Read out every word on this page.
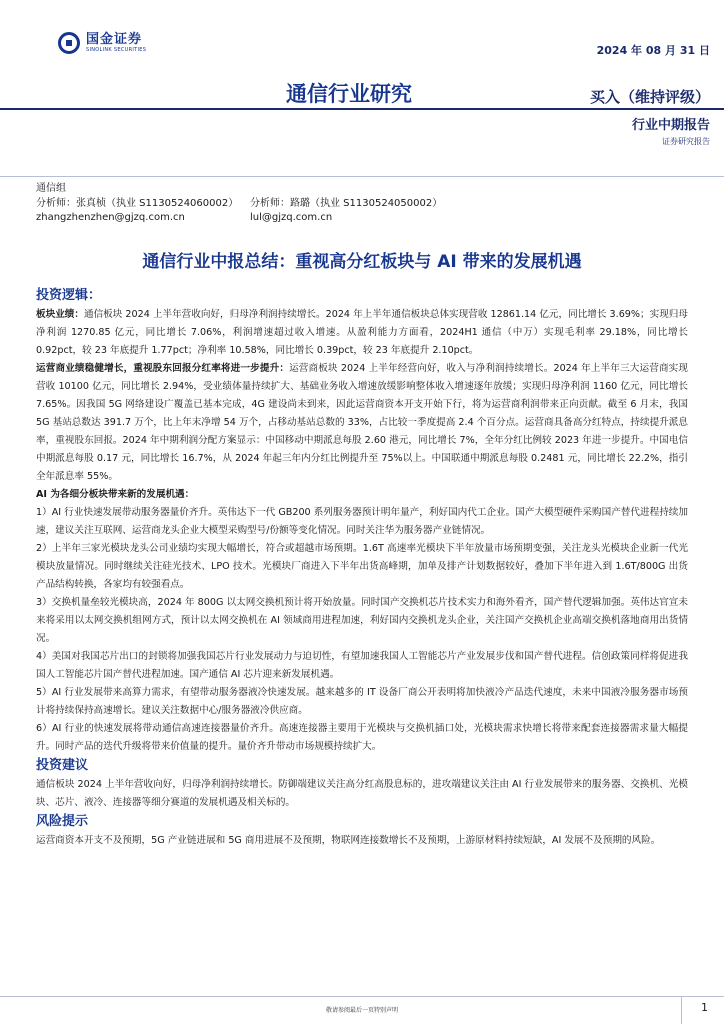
国金证券
SINOLINK SECURITIES	2024 年 08 月 31 日
通信行业研究	买入（维持评级）
行业中期报告
证券研究报告
通信组
分析师：张真桢（执业 S1130524060002）	分析师：路璐（执业 S1130524050002）
zhangzhenzhen@gjzq.com.cn	lul@gjzq.com.cn
通信行业中报总结：重视高分红板块与 AI 带来的发展机遇
投资逻辑：

板块业绩：通信板块 2024 上半年营收向好，归母净利润持续增长。2024 年上半年通信板块总体实现营收 12861.14 亿元，同比增长 3.69%；实现归母净利润 1270.85 亿元，同比增长 7.06%，利润增速超过收入增速。从盈利能力方面看，2024H1 通信（中万）实现毛利率 29.18%，同比增长 0.92pct，较 23 年底提升 1.77pct；净利率 10.58%，同比增长 0.39pct，较 23 年底提升 2.10pct。

运营商业绩稳健增长，重视股东回报分红率将进一步提升：运营商板块 2024 上半年经营向好，收入与净利润持续增长。2024 年上半年三大运营商实现营收 10100 亿元，同比增长 2.94%，受业绩体量持续扩大、基础业务收入增速放缓影响整体收入增速逐年放缓；实现归母净利润 1160 亿元，同比增长 7.65%。因我国 5G 网络建设广覆盖已基本完成，4G 建设尚未到来，因此运营商资本开支开始下行，将为运营商利润带来正向贡献。截至 6 月末，我国 5G 基站总数达 391.7 万个，比上年末净增 54 万个，占移动基站总数的 33%，占比较一季度提高 2.4 个百分点。运营商具备高分红特点，持续提升派息率，重视股东回报。2024 年中期利润分配方案显示：中国移动中期派息每股 2.60 港元，同比增长 7%，全年分红比例较 2023 年进一步提升。中国电信中期派息每股 0.17 元，同比增长 16.7%，从 2024 年起三年内分红比例提升至 75%以上。中国联通中期派息每股 0.2481 元，同比增长 22.2%，指引全年派息率 55%。

AI 为各细分板块带来新的发展机遇：

1）AI 行业快速发展带动服务器量价齐升。英伟达下一代 GB200 系列服务器预计明年量产，利好国内代工企业。国产大模型硬件采购国产替代进程持续加速，建议关注互联网、运营商龙头企业大模型采购型号/份额等变化情况。同时关注华为服务器产业链情况。

2）上半年三家光模块龙头公司业绩均实现大幅增长，符合或超越市场预期。1.6T 高速率光模块下半年放量市场预期变强，关注龙头光模块企业新一代光模块放量情况。同时继续关注硅光技术、LPO 技术。光模块厂商进入下半年出货高峰期，加单及排产计划数据较好，叠加下半年进入到 1.6T/800G 出货产品结构转换，各家均有较强看点。

3）交换机量垒较光模块高，2024 年 800G 以太网交换机预计将开始放量。同时国产交换机芯片技术实力和海外看齐，国产替代逻辑加强。英伟达官宣未来将采用以太网交换机组网方式，预计以太网交换机在 AI 领域商用进程加速，利好国内交换机龙头企业，关注国产交换机企业高端交换机落地商用出货情况。

4）美国对我国芯片出口的封锁将加强我国芯片行业发展动力与迫切性，有望加速我国人工智能芯片产业发展步伐和国产替代进程。信创政策同样将促进我国人工智能芯片国产替代进程加速。国产通信 AI 芯片迎来新发展机遇。

5）AI 行业发展带来高算力需求，有望带动服务器液冷快速发展。越来越多的 IT 设备厂商公开表明将加快液冷产品迭代速度，未来中国液冷服务器市场预计将持续保持高速增长。建议关注数据中心/服务器液冷供应商。

6）AI 行业的快速发展将带动通信高速连接器量价齐升。高速连接器主要用于光模块与交换机插口处，光模块需求快增长将带来配套连接器需求量大幅提升。同时产品的迭代升级将带来价值量的提升。量价齐升带动市场规模持续扩大。

投资建议

通信板块 2024 上半年营收向好，归母净利润持续增长。防御端建议关注高分红高股息标的，进攻端建议关注由 AI 行业发展带来的服务器、交换机、光模块、芯片、液冷、连接器等细分赛道的发展机遇及相关标的。

风险提示

运营商资本开支不及预期，5G 产业链进展和 5G 商用进展不及预期，物联网连接数增长不及预期，上游原材料持续短缺，AI 发展不及预期的风险。

敬请参阅最后一页特别声明	1
